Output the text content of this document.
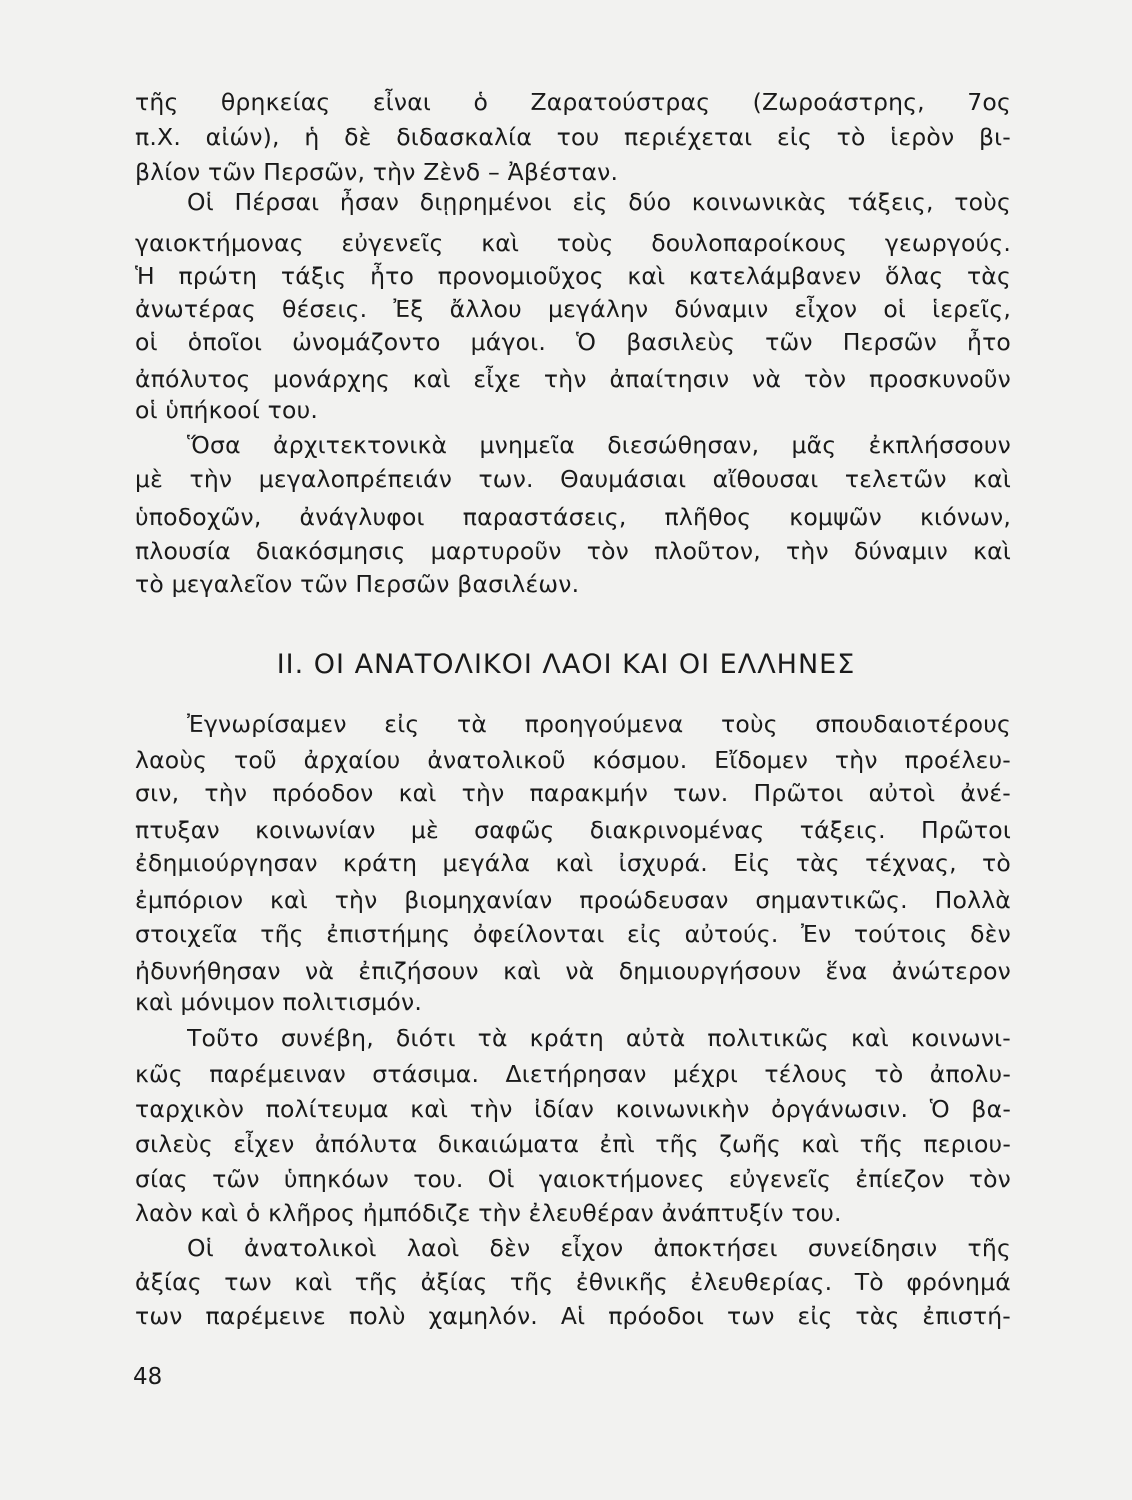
τῆς θρηκείας εἶναι ὁ Ζαρατούστρας (Ζωροάστρης, 7ος
π.Χ. αἰών), ἡ δὲ διδασκαλία του περιέχεται εἰς τὸ ἱερὸν βι-
βλίον τῶν Περσῶν, τὴν Ζὲνδ – Ἀβέσταν.
Οἱ Πέρσαι ἦσαν διῃρημένοι εἰς δύο κοινωνικὰς τάξεις, τοὺς
γαιοκτήμονας εὐγενεῖς καὶ τοὺς δουλοπαροίκους γεωργούς.
Ἡ πρώτη τάξις ἦτο προνομιοῦχος καὶ κατελάμβανεν ὅλας τὰς
ἀνωτέρας θέσεις. Ἐξ ἄλλου μεγάλην δύναμιν εἶχον οἱ ἱερεῖς,
οἱ ὁποῖοι ὠνομάζοντο μάγοι. Ὁ βασιλεὺς τῶν Περσῶν ἦτο
ἀπόλυτος μονάρχης καὶ εἶχε τὴν ἀπαίτησιν νὰ τὸν προσκυνοῦν
οἱ ὑπήκοοί του.
Ὅσα ἀρχιτεκτονικὰ μνημεῖα διεσώθησαν, μᾶς ἐκπλήσσουν
μὲ τὴν μεγαλοπρέπειάν των. Θαυμάσιαι αἴθουσαι τελετῶν καὶ
ὑποδοχῶν, ἀνάγλυφοι παραστάσεις, πλῆθος κομψῶν κιόνων,
πλουσία διακόσμησις μαρτυροῦν τὸν πλοῦτον, τὴν δύναμιν καὶ
τὸ μεγαλεῖον τῶν Περσῶν βασιλέων.
ΙΙ. ΟΙ ΑΝΑΤΟΛΙΚΟΙ ΛΑΟΙ ΚΑΙ ΟΙ ΕΛΛΗΝΕΣ
Ἐγνωρίσαμεν εἰς τὰ προηγούμενα τοὺς σπουδαιοτέρους
λαοὺς τοῦ ἀρχαίου ἀνατολικοῦ κόσμου. Εἴδομεν τὴν προέλευ-
σιν, τὴν πρόοδον καὶ τὴν παρακμήν των. Πρῶτοι αὐτοὶ ἀνέ-
πτυξαν κοινωνίαν μὲ σαφῶς διακρινομένας τάξεις. Πρῶτοι
ἐδημιούργησαν κράτη μεγάλα καὶ ἰσχυρά. Εἰς τὰς τέχνας, τὸ
ἐμπόριον καὶ τὴν βιομηχανίαν προώδευσαν σημαντικῶς. Πολλὰ
στοιχεῖα τῆς ἐπιστήμης ὀφείλονται εἰς αὐτούς. Ἐν τούτοις δὲν
ἠδυνήθησαν νὰ ἐπιζήσουν καὶ νὰ δημιουργήσουν ἕνα ἀνώτερον
καὶ μόνιμον πολιτισμόν.
Τοῦτο συνέβη, διότι τὰ κράτη αὐτὰ πολιτικῶς καὶ κοινωνι-
κῶς παρέμειναν στάσιμα. Διετήρησαν μέχρι τέλους τὸ ἀπολυ-
ταρχικὸν πολίτευμα καὶ τὴν ἰδίαν κοινωνικὴν ὀργάνωσιν. Ὁ βα-
σιλεὺς εἶχεν ἀπόλυτα δικαιώματα ἐπὶ τῆς ζωῆς καὶ τῆς περιου-
σίας τῶν ὑπηκόων του. Οἱ γαιοκτήμονες εὐγενεῖς ἐπίεζον τὸν
λαὸν καὶ ὁ κλῆρος ἠμπόδιζε τὴν ἐλευθέραν ἀνάπτυξίν του.
Οἱ ἀνατολικοὶ λαοὶ δὲν εἶχον ἀποκτήσει συνείδησιν τῆς
ἀξίας των καὶ τῆς ἀξίας τῆς ἐθνικῆς ἐλευθερίας. Τὸ φρόνημά
των παρέμεινε πολὺ χαμηλόν. Αἱ πρόοδοι των εἰς τὰς ἐπιστή-
48
